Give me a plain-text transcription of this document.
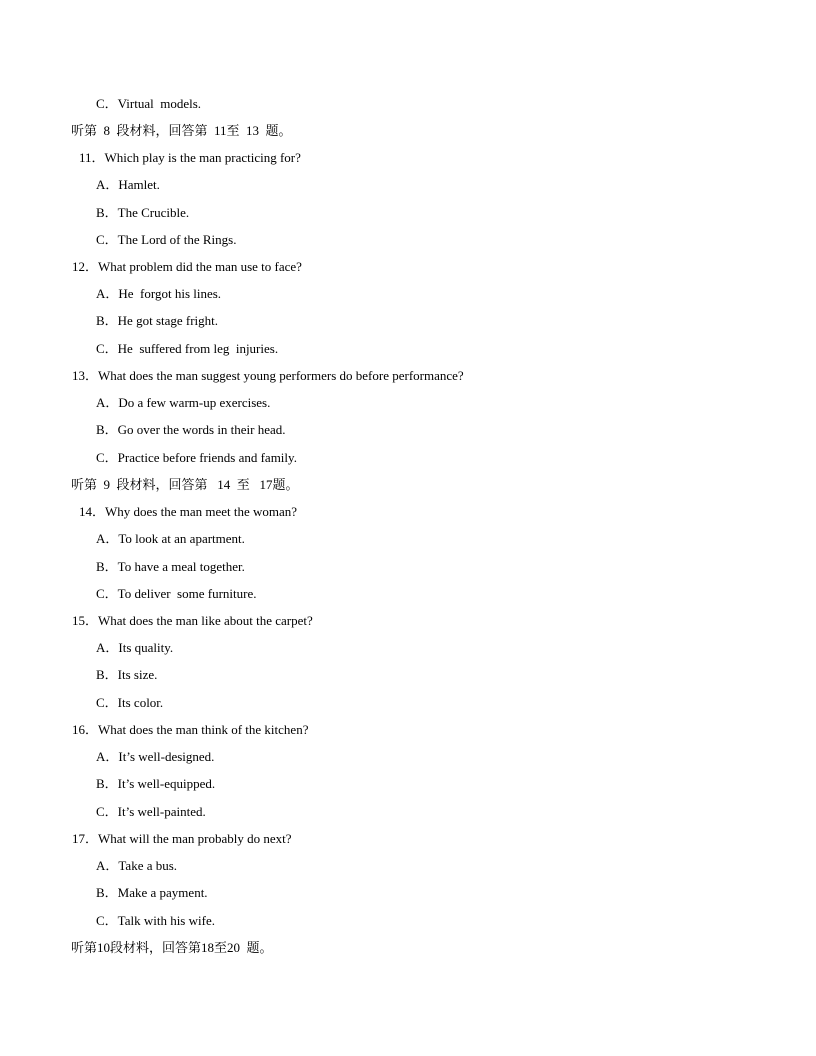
C．Virtual  models.
听第  8  段材料，回答第  11至  13  题。
11．Which play is the man practicing for?
A．Hamlet.
B．The Crucible.
C．The Lord of the Rings.
12．What problem did the man use to face?
A．He  forgot his lines.
B．He got stage fright.
C．He  suffered from leg  injuries.
13．What does the man suggest young performers do before performance?
A．Do a few warm-up exercises.
B．Go over the words in their head.
C．Practice before friends and family.
听第  9  段材料，回答第   14  至   17题。
14．Why does the man meet the woman?
A．To look at an apartment.
B．To have a meal together.
C．To deliver  some furniture.
15．What does the man like about the carpet?
A．Its quality.
B．Its size.
C．Its color.
16．What does the man think of the kitchen?
A．It’s well-designed.
B．It’s well-equipped.
C．It’s well-painted.
17．What will the man probably do next?
A．Take a bus.
B．Make a payment.
C．Talk with his wife.
听第10段材料，回答第18至20  题。
